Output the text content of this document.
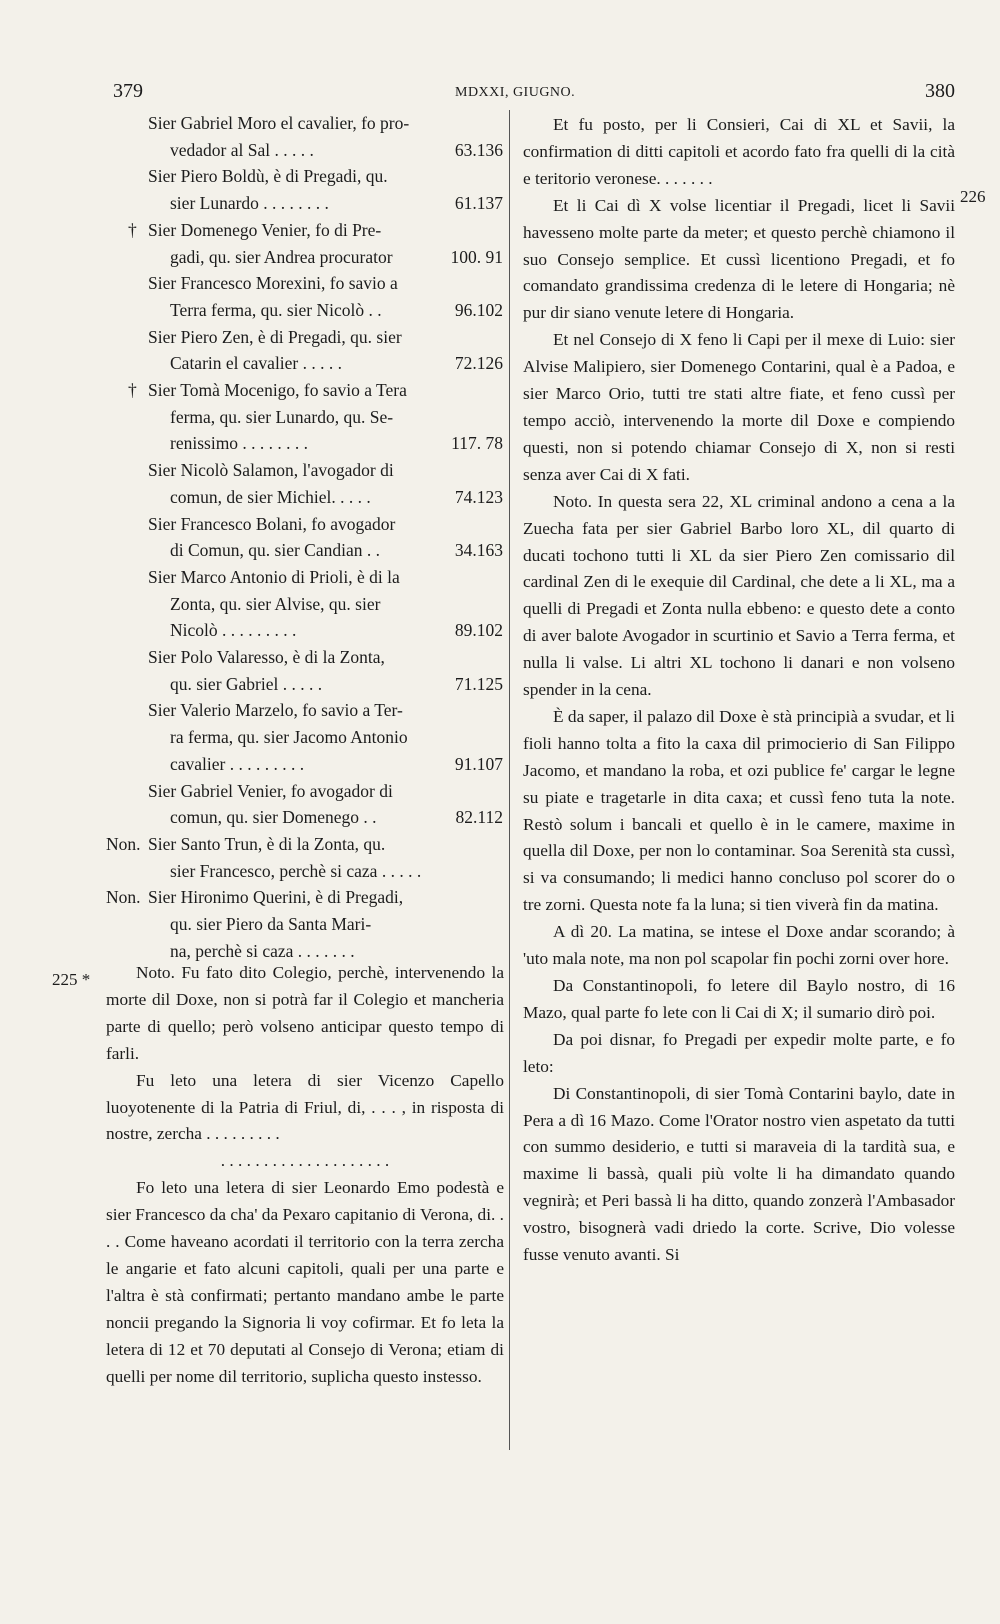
379	MDXXI, GIUGNO.	380
225 *
226
Sier Gabriel Moro el cavalier, fo pro-
vedador al Sal . . . . .	63.136
Sier Piero Boldù, è di Pregadi, qu.
sier Lunardo . . . . . . . .	61.137
† Sier Domenego Venier, fo di Pre-
gadi, qu. sier Andrea procurator	100. 91
Sier Francesco Morexini, fo savio a
Terra ferma, qu. sier Nicolò . .	96.102
Sier Piero Zen, è di Pregadi, qu. sier
Catarin el cavalier . . . . .	72.126
† Sier Tomà Mocenigo, fo savio a Tera
ferma, qu. sier Lunardo, qu. Se-
renissimo . . . . . . . .	117. 78
Sier Nicolò Salamon, l'avogador di
comun, de sier Michiel. . . . .	74.123
Sier Francesco Bolani, fo avogador
di Comun, qu. sier Candian . .	34.163
Sier Marco Antonio di Prioli, è di la
Zonta, qu. sier Alvise, qu. sier
Nicolò . . . . . . . . .	89.102
Sier Polo Valaresso, è di la Zonta,
qu. sier Gabriel . . . . .	71.125
Sier Valerio Marzelo, fo savio a Ter-
ra ferma, qu. sier Jacomo Antonio
cavalier . . . . . . . . .	91.107
Sier Gabriel Venier, fo avogador di
comun, qu. sier Domenego . .	82.112
Non. Sier Santo Trun, è di la Zonta, qu.
sier Francesco, perchè si caza . . . . .
Non. Sier Hironimo Querini, è di Pregadi,
qu. sier Piero da Santa Mari-
na, perchè si caza . . . . . . .

Noto. Fu fato dito Colegio, perchè, intervenendo la morte dil Doxe, non si potrà far il Colegio et mancheria parte di quello; però volseno anticipar questo tempo di farli.

Fu leto una letera di sier Vicenzo Capello luoyotenente di la Patria di Friul, di, . . . , in risposta di nostre, zercha . . . . . . . . .

. . . . . . . . . . . . . . . . . . . .

Fo leto una letera di sier Leonardo Emo podestà e sier Francesco da cha' da Pexaro capitanio di Verona, di. . . . Come haveano acordati il territorio con la terra zercha le angarie et fato alcuni capitoli, quali per una parte e l'altra è stà confirmati; pertanto mandano ambe le parte noncii pregando la Signoria li voy cofirmar. Et fo leta la letera di 12 et 70 deputati al Consejo di Verona; etiam di quelli per nome dil territorio, suplicha questo instesso.

Et fu posto, per li Consieri, Cai di XL et Savii, la confirmation di ditti capitoli et acordo fato fra quelli di la cità e teritorio veronese. . . . . . .

Et li Cai dì X volse licentiar il Pregadi, licet li Savii havesseno molte parte da meter; et questo perchè chiamono il suo Consejo semplice. Et cussì licentiono Pregadi, et fo comandato grandissima credenza di le letere di Hongaria; nè pur dir siano venute letere di Hongaria.

Et nel Consejo di X feno li Capi per il mexe di Luio: sier Alvise Malipiero, sier Domenego Contarini, qual è a Padoa, e sier Marco Orio, tutti tre stati altre fiate, et feno cussì per tempo acciò, intervenendo la morte dil Doxe e compiendo questi, non si potendo chiamar Consejo di X, non si resti senza aver Cai di X fati.

Noto. In questa sera 22, XL criminal andono a cena a la Zuecha fata per sier Gabriel Barbo loro XL, dil quarto di ducati tochono tutti li XL da sier Piero Zen comissario dil cardinal Zen di le exequie dil Cardinal, che dete a li XL, ma a quelli di Pregadi et Zonta nulla ebbeno: e questo dete a conto di aver balote Avogador in scurtinio et Savio a Terra ferma, et nulla li valse. Li altri XL tochono li danari e non volseno spender in la cena.

È da saper, il palazo dil Doxe è stà principià a svudar, et li fioli hanno tolta a fito la caxa dil primocierio di San Filippo Jacomo, et mandano la roba, et ozi publice fe' cargar le legne su piate e tragetarle in dita caxa; et cussì feno tuta la note. Restò solum i bancali et quello è in le camere, maxime in quella dil Doxe, per non lo contaminar. Soa Serenità sta cussì, si va consumando; li medici hanno concluso pol scorer do o tre zorni. Questa note fa la luna; si tien viverà fin da matina.

A dì 20. La matina, se intese el Doxe andar scorando; à 'uto mala note, ma non pol scapolar fin pochi zorni over hore.

Da Constantinopoli, fo letere dil Baylo nostro, di 16 Mazo, qual parte fo lete con li Cai di X; il sumario dirò poi.

Da poi disnar, fo Pregadi per expedir molte parte, e fo leto:

Di Constantinopoli, di sier Tomà Contarini baylo, date in Pera a dì 16 Mazo. Come l'Orator nostro vien aspetato da tutti con summo desiderio, e tutti si maraveia di la tardità sua, e maxime li bassà, quali più volte li ha dimandato quando vegnirà; et Peri bassà li ha ditto, quando zonzerà l'Ambasador vostro, bisognerà vadi driedo la corte. Scrive, Dio volesse fusse venuto avanti. Si
